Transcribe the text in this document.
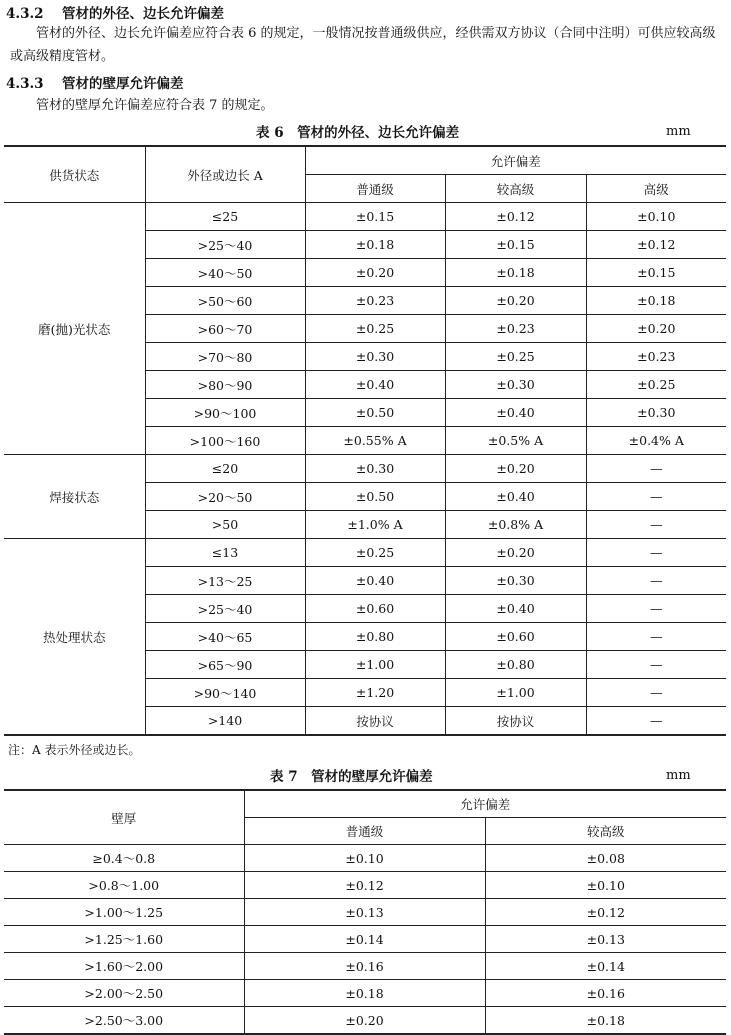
4.3.2 管材的外径、边长允许偏差
管材的外径、边长允许偏差应符合表 6 的规定，一般情况按普通级供应，经供需双方协议（合同中注明）可供应较高级或高级精度管材。
4.3.3 管材的壁厚允许偏差
管材的壁厚允许偏差应符合表 7 的规定。
表 6　管材的外径、边长允许偏差	mm
供货状态	外径或边长 A	允许偏差		
		普通级	较高级	高级
磨(抛)光状态	≤25	±0.15	±0.12	±0.10
	>25～40	±0.18	±0.15	±0.12
	>40～50	±0.20	±0.18	±0.15
	>50～60	±0.23	±0.20	±0.18
	>60～70	±0.25	±0.23	±0.20
	>70～80	±0.30	±0.25	±0.23
	>80～90	±0.40	±0.30	±0.25
	>90～100	±0.50	±0.40	±0.30
	>100～160	±0.55% A	±0.5% A	±0.4% A
焊接状态	≤20	±0.30	±0.20	—
	>20～50	±0.50	±0.40	—
	>50	±1.0% A	±0.8% A	—
热处理状态	≤13	±0.25	±0.20	—
	>13～25	±0.40	±0.30	—
	>25～40	±0.60	±0.40	—
	>40～65	±0.80	±0.60	—
	>65～90	±1.00	±0.80	—
	>90～140	±1.20	±1.00	—
	>140	按协议	按协议	—
注：A 表示外径或边长。
表 7　管材的壁厚允许偏差	mm
壁厚	允许偏差	
	普通级	较高级
≥0.4～0.8	±0.10	±0.08
>0.8～1.00	±0.12	±0.10
>1.00～1.25	±0.13	±0.12
>1.25～1.60	±0.14	±0.13
>1.60～2.00	±0.16	±0.14
>2.00～2.50	±0.18	±0.16
>2.50～3.00	±0.20	±0.18
